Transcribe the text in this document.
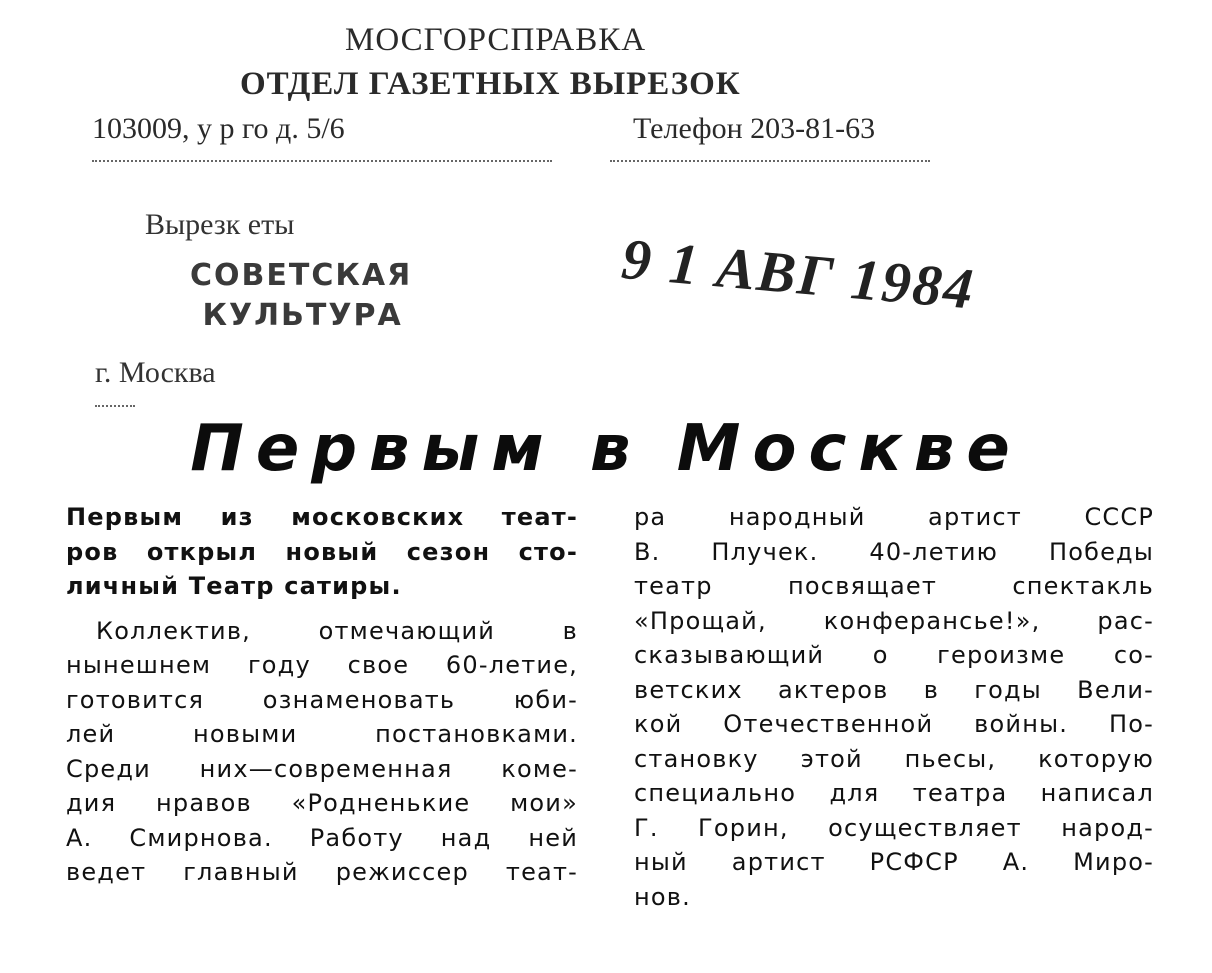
МОСГОРСПРАВКА
ОТДЕЛ ГАЗЕТНЫХ ВЫРЕЗОК
103009, у р го д. 5/6	Телефон 203-81-63
Вырезк еты
СОВЕТСКАЯ
КУЛЬТУРА	9 1 АВГ 1984
г. Москва
Первым в Москве
Первым из московских теат-
ров открыл новый сезон сто-
личный Театр сатиры.
Коллектив, отмечающий в
нынешнем году свое 60-летие,
готовится ознаменовать юби-
лей новыми постановками.
Среди них—современная коме-
дия нравов «Родненькие мои»
А. Смирнова. Работу над ней
ведет главный режиссер теат-
ра народный артист СССР
В. Плучек. 40-летию Победы
театр посвящает спектакль
«Прощай, конферансье!», рас-
сказывающий о героизме со-
ветских актеров в годы Вели-
кой Отечественной войны. По-
становку этой пьесы, которую
специально для театра написал
Г. Горин, осуществляет народ-
ный артист РСФСР А. Миро-
нов.
